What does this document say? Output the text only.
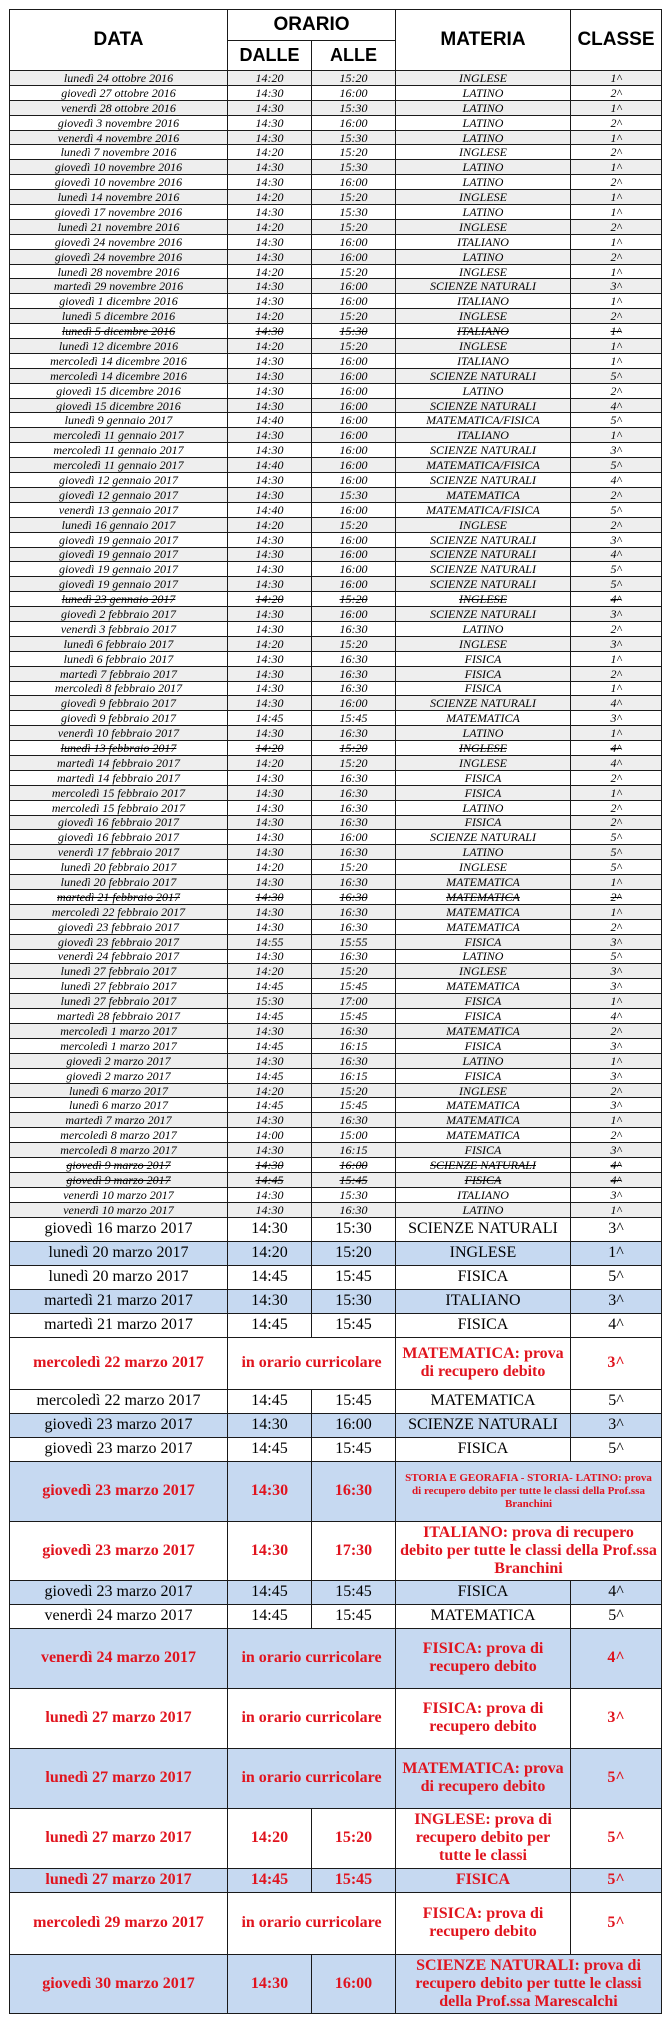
DATA	ORARIO		MATERIA	CLASSE
	DALLE	ALLE		
lunedì 24 ottobre 2016	14:20	15:20	INGLESE	1^
giovedì 27 ottobre 2016	14:30	16:00	LATINO	2^
venerdì 28 ottobre 2016	14:30	15:30	LATINO	1^
giovedì 3 novembre 2016	14:30	16:00	LATINO	2^
venerdì 4 novembre 2016	14:30	15:30	LATINO	1^
lunedì 7 novembre 2016	14:20	15:20	INGLESE	2^
giovedì 10 novembre 2016	14:30	15:30	LATINO	1^
giovedì 10 novembre 2016	14:30	16:00	LATINO	2^
lunedì 14 novembre 2016	14:20	15:20	INGLESE	1^
giovedì 17 novembre 2016	14:30	15:30	LATINO	1^
lunedì 21 novembre 2016	14:20	15:20	INGLESE	2^
giovedì 24 novembre 2016	14:30	16:00	ITALIANO	1^
giovedì 24 novembre 2016	14:30	16:00	LATINO	2^
lunedì 28 novembre 2016	14:20	15:20	INGLESE	1^
martedì 29 novembre 2016	14:30	16:00	SCIENZE NATURALI	3^
giovedì 1 dicembre 2016	14:30	16:00	ITALIANO	1^
lunedì 5 dicembre 2016	14:20	15:20	INGLESE	2^
lunedì 5 dicembre 2016	14:30	15:30	ITALIANO	1^
lunedì 12 dicembre 2016	14:20	15:20	INGLESE	1^
mercoledì 14 dicembre 2016	14:30	16:00	ITALIANO	1^
mercoledì 14 dicembre 2016	14:30	16:00	SCIENZE NATURALI	5^
giovedì 15 dicembre 2016	14:30	16:00	LATINO	2^
giovedì 15 dicembre 2016	14:30	16:00	SCIENZE NATURALI	4^
lunedì 9 gennaio 2017	14:40	16:00	MATEMATICA/FISICA	5^
mercoledì 11 gennaio 2017	14:30	16:00	ITALIANO	1^
mercoledì 11 gennaio 2017	14:30	16:00	SCIENZE NATURALI	3^
mercoledì 11 gennaio 2017	14:40	16:00	MATEMATICA/FISICA	5^
giovedì 12 gennaio 2017	14:30	16:00	SCIENZE NATURALI	4^
giovedì 12 gennaio 2017	14:30	15:30	MATEMATICA	2^
venerdì 13 gennaio 2017	14:40	16:00	MATEMATICA/FISICA	5^
lunedì 16 gennaio 2017	14:20	15:20	INGLESE	2^
giovedì 19 gennaio 2017	14:30	16:00	SCIENZE NATURALI	3^
giovedì 19 gennaio 2017	14:30	16:00	SCIENZE NATURALI	4^
giovedì 19 gennaio 2017	14:30	16:00	SCIENZE NATURALI	5^
giovedì 19 gennaio 2017	14:30	16:00	SCIENZE NATURALI	5^
lunedì 23 gennaio 2017	14:20	15:20	INGLESE	4^
giovedì 2 febbraio 2017	14:30	16:00	SCIENZE NATURALI	3^
venerdì 3 febbraio 2017	14:30	16:30	LATINO	2^
lunedì 6 febbraio 2017	14:20	15:20	INGLESE	3^
lunedì 6 febbraio 2017	14:30	16:30	FISICA	1^
martedì 7 febbraio 2017	14:30	16:30	FISICA	2^
mercoledì 8 febbraio 2017	14:30	16:30	FISICA	1^
giovedì 9 febbraio 2017	14:30	16:00	SCIENZE NATURALI	4^
giovedì 9 febbraio 2017	14:45	15:45	MATEMATICA	3^
venerdì 10 febbraio 2017	14:30	16:30	LATINO	1^
lunedì 13 febbraio 2017	14:20	15:20	INGLESE	4^
martedì 14 febbraio 2017	14:20	15:20	INGLESE	4^
martedì 14 febbraio 2017	14:30	16:30	FISICA	2^
mercoledì 15 febbraio 2017	14:30	16:30	FISICA	1^
mercoledì 15 febbraio 2017	14:30	16:30	LATINO	2^
giovedì 16 febbraio 2017	14:30	16:30	FISICA	2^
giovedì 16 febbraio 2017	14:30	16:00	SCIENZE NATURALI	5^
venerdì 17 febbraio 2017	14:30	16:30	LATINO	5^
lunedì 20 febbraio 2017	14:20	15:20	INGLESE	5^
lunedì 20 febbraio 2017	14:30	16:30	MATEMATICA	1^
martedì 21 febbraio 2017	14:30	16:30	MATEMATICA	2^
mercoledì 22 febbraio 2017	14:30	16:30	MATEMATICA	1^
giovedì 23 febbraio 2017	14:30	16:30	MATEMATICA	2^
giovedì 23 febbraio 2017	14:55	15:55	FISICA	3^
venerdì 24 febbraio 2017	14:30	16:30	LATINO	5^
lunedì 27 febbraio 2017	14:20	15:20	INGLESE	3^
lunedì 27 febbraio 2017	14:45	15:45	MATEMATICA	3^
lunedì 27 febbraio 2017	15:30	17:00	FISICA	1^
martedì 28 febbraio 2017	14:45	15:45	FISICA	4^
mercoledì 1 marzo 2017	14:30	16:30	MATEMATICA	2^
mercoledì 1 marzo 2017	14:45	16:15	FISICA	3^
giovedì 2 marzo 2017	14:30	16:30	LATINO	1^
giovedì 2 marzo 2017	14:45	16:15	FISICA	3^
lunedì 6 marzo 2017	14:20	15:20	INGLESE	2^
lunedì 6 marzo 2017	14:45	15:45	MATEMATICA	3^
martedì 7 marzo 2017	14:30	16:30	MATEMATICA	1^
mercoledì 8 marzo 2017	14:00	15:00	MATEMATICA	2^
mercoledì 8 marzo 2017	14:30	16:15	FISICA	3^
giovedì 9 marzo 2017	14:30	16:00	SCIENZE NATURALI	4^
giovedì 9 marzo 2017	14:45	15:45	FISICA	4^
venerdì 10 marzo 2017	14:30	15:30	ITALIANO	3^
venerdì 10 marzo 2017	14:30	16:30	LATINO	1^
giovedì 16 marzo 2017	14:30	15:30	SCIENZE NATURALI	3^
lunedì 20 marzo 2017	14:20	15:20	INGLESE	1^
lunedì 20 marzo 2017	14:45	15:45	FISICA	5^
martedì 21 marzo 2017	14:30	15:30	ITALIANO	3^
martedì 21 marzo 2017	14:45	15:45	FISICA	4^
mercoledì 22 marzo 2017	in orario curricolare		MATEMATICA: prova di recupero debito	3^
mercoledì 22 marzo 2017	14:45	15:45	MATEMATICA	5^
giovedì 23 marzo 2017	14:30	16:00	SCIENZE NATURALI	3^
giovedì 23 marzo 2017	14:45	15:45	FISICA	5^
giovedì 23 marzo 2017	14:30	16:30	STORIA E GEORAFIA - STORIA- LATINO: prova di recupero debito per tutte le classi della Prof.ssa Branchini	
giovedì 23 marzo 2017	14:30	17:30	ITALIANO: prova di recupero debito per tutte le classi della Prof.ssa Branchini	
giovedì 23 marzo 2017	14:45	15:45	FISICA	4^
venerdì 24 marzo 2017	14:45	15:45	MATEMATICA	5^
venerdì 24 marzo 2017	in orario curricolare		FISICA: prova di recupero debito	4^
lunedì 27 marzo 2017	in orario curricolare		FISICA: prova di recupero debito	3^
lunedì 27 marzo 2017	in orario curricolare		MATEMATICA: prova di recupero debito	5^
lunedì 27 marzo 2017	14:20	15:20	INGLESE: prova di recupero debito per tutte le classi	5^
lunedì 27 marzo 2017	14:45	15:45	FISICA	5^
mercoledì 29 marzo 2017	in orario curricolare		FISICA: prova di recupero debito	5^
giovedì 30 marzo 2017	14:30	16:00	SCIENZE NATURALI: prova di recupero debito per tutte le classi della Prof.ssa Marescalchi	
